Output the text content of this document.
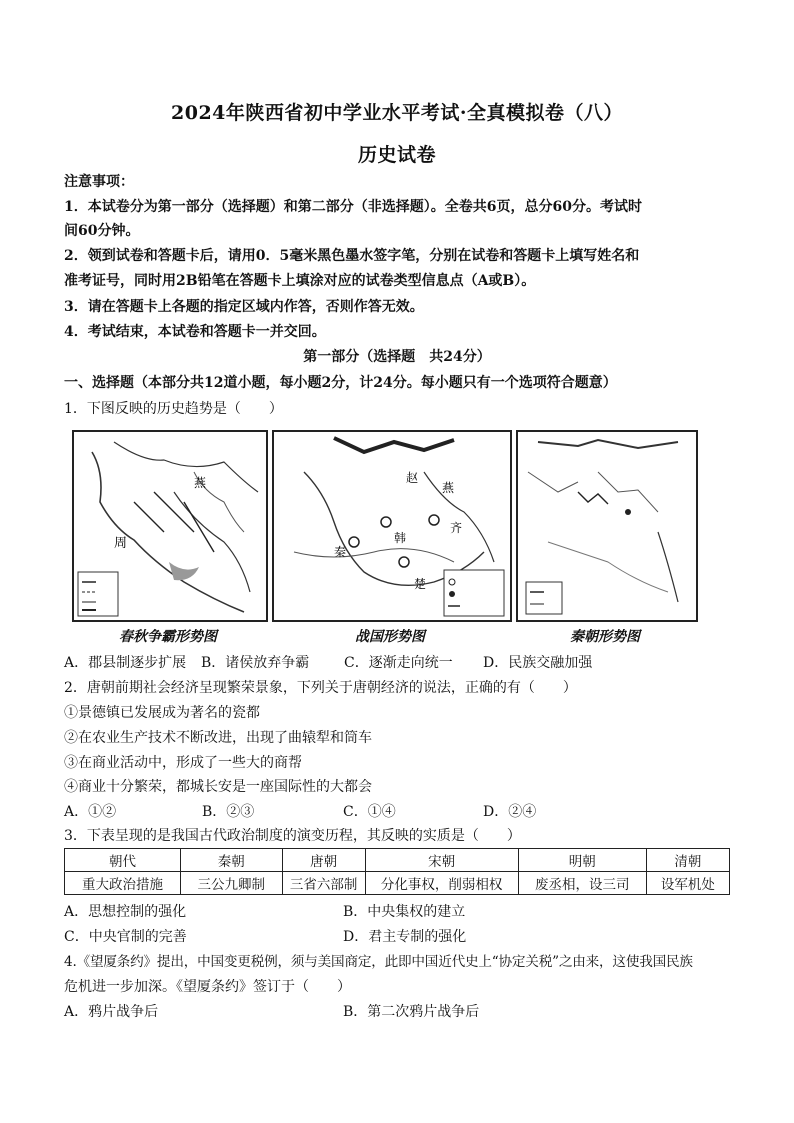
2024年陕西省初中学业水平考试·全真模拟卷（八）
历史试卷
注意事项：
1．本试卷分为第一部分（选择题）和第二部分（非选择题）。全卷共6页，总分60分。考试时
间60分钟。
2．领到试卷和答题卡后，请用0．5毫米黑色墨水签字笔，分别在试卷和答题卡上填写姓名和
准考证号，同时用2B铅笔在答题卡上填涂对应的试卷类型信息点（A或B）。
3．请在答题卡上各题的指定区域内作答，否则作答无效。
4．考试结束，本试卷和答题卡一并交回。
第一部分（选择题　共24分）
一、选择题（本部分共12道小题，每小题2分，计24分。每小题只有一个选项符合题意）
1．下图反映的历史趋势是（　　）
周
燕	赵
燕
齐
秦
韩
楚
春秋争霸形势图	战国形势图	秦朝形势图
A．郡县制逐步扩展 B．诸侯放弃争霸 C．逐渐走向统一 D．民族交融加强
2．唐朝前期社会经济呈现繁荣景象，下列关于唐朝经济的说法，正确的有（　　）
①景德镇已发展成为著名的瓷都
②在农业生产技术不断改进，出现了曲辕犁和筒车
③在商业活动中，形成了一些大的商帮
④商业十分繁荣，都城长安是一座国际性的大都会
A．①②	B．②③	C．①④	D．②④
3．下表呈现的是我国古代政治制度的演变历程，其反映的实质是（　　）
朝代	秦朝	唐朝	宋朝	明朝	清朝
重大政治措施	三公九卿制	三省六部制	分化事权，削弱相权	废丞相，设三司	设军机处
A．思想控制的强化	B．中央集权的建立
C．中央官制的完善	D．君主专制的强化
4.《望厦条约》提出，中国变更税例，须与美国商定，此即中国近代史上“协定关税”之由来，这使我国民族
危机进一步加深。《望厦条约》签订于（　　）
A．鸦片战争后	B．第二次鸦片战争后
